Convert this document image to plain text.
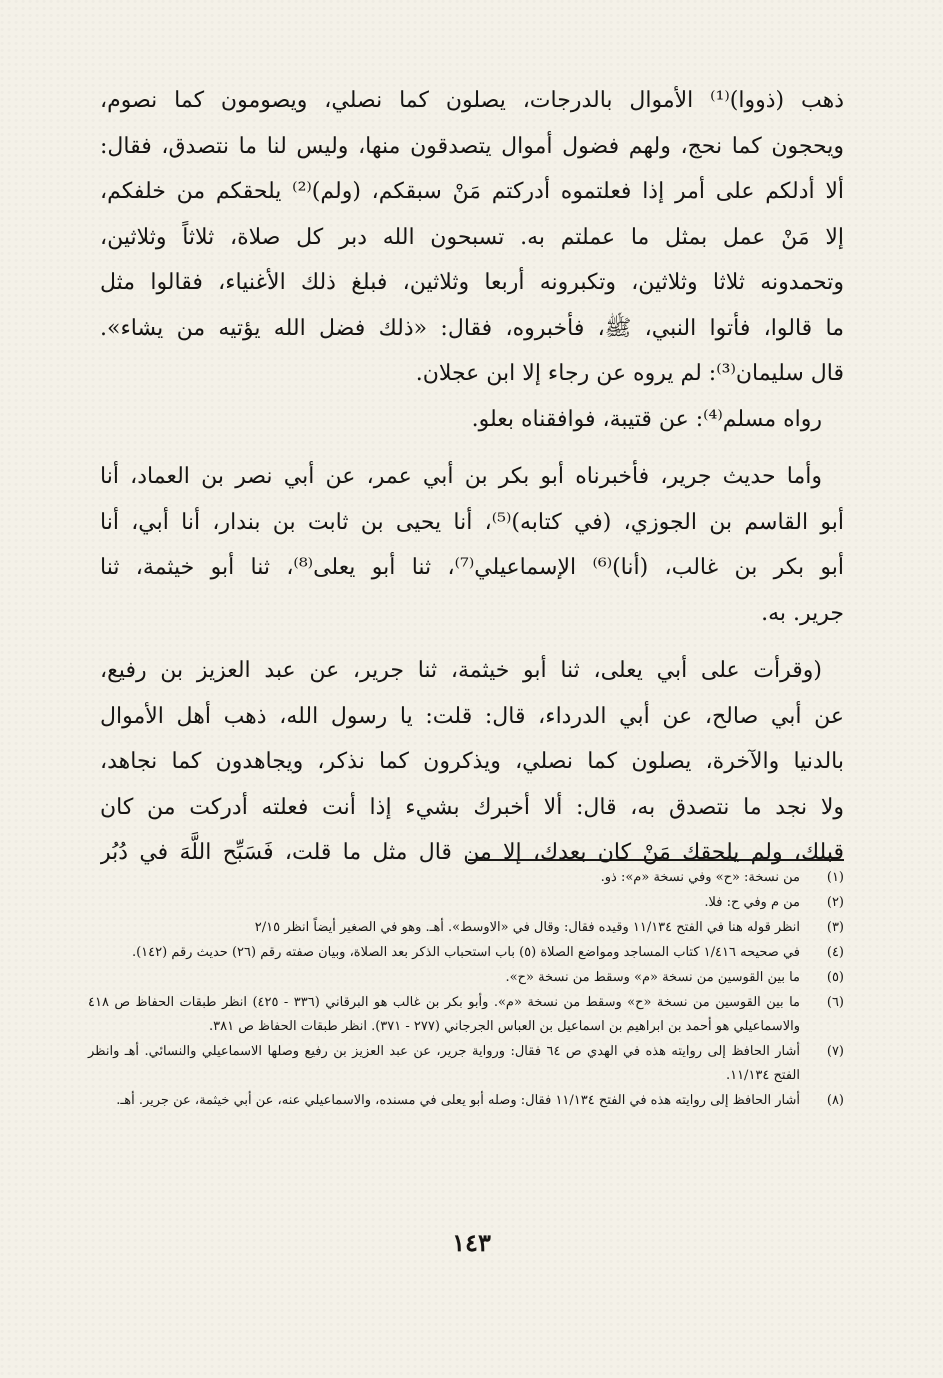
ذهب (ذووا)⁽¹⁾ الأموال بالدرجات، يصلون كما نصلي، ويصومون كما نصوم،
ويحجون كما نحج، ولهم فضول أموال يتصدقون منها، وليس لنا ما نتصدق، فقال:
ألا أدلكم على أمر إذا فعلتموه أدركتم مَنْ سبقكم، (ولم)⁽²⁾ يلحقكم من خلفكم،
إلا مَنْ عمل بمثل ما عملتم به. تسبحون الله دبر كل صلاة، ثلاثاً وثلاثين،
وتحمدونه ثلاثا وثلاثين، وتكبرونه أربعا وثلاثين، فبلغ ذلك الأغنياء، فقالوا مثل
ما قالوا، فأتوا النبي، ﷺ، فأخبروه، فقال: «ذلك فضل الله يؤتيه من يشاء».
قال سليمان⁽³⁾: لم يروه عن رجاء إلا ابن عجلان.
رواه مسلم⁽⁴⁾: عن قتيبة، فوافقناه بعلو.
وأما حديث جرير، فأخبرناه أبو بكر بن أبي عمر، عن أبي نصر بن العماد، أنا
أبو القاسم بن الجوزي، (في كتابه)⁽⁵⁾، أنا يحيى بن ثابت بن بندار، أنا أبي، أنا
أبو بكر بن غالب، (أنا)⁽⁶⁾ الإسماعيلي⁽⁷⁾، ثنا أبو يعلى⁽⁸⁾، ثنا أبو خيثمة، ثنا
جرير. به.
(وقرأت على أبي يعلى، ثنا أبو خيثمة، ثنا جرير، عن عبد العزيز بن رفيع،
عن أبي صالح، عن أبي الدرداء، قال: قلت: يا رسول الله، ذهب أهل الأموال
بالدنيا والآخرة، يصلون كما نصلي، ويذكرون كما نذكر، ويجاهدون كما نجاهد،
ولا نجد ما نتصدق به، قال: ألا أخبرك بشيء إذا أنت فعلته أدركت من كان
قبلك، ولم يلحقك مَنْ كان بعدك، إلا من قال مثل ما قلت، فَسَبِّح اللَّهَ في دُبُر
(١)
من نسخة: «ح» وفي نسخة «م»: ذو.
(٢)
من م وفي ح: فلا.
(٣)
انظر قوله هنا في الفتح ١١/١٣٤ وقيده فقال: وقال في «الاوسط». أهـ. وهو في الصغير أيضاً انظر ٢/١٥
(٤)
في صحيحه ١/٤١٦ كتاب المساجد ومواضع الصلاة (٥) باب استحباب الذكر بعد الصلاة، وبيان صفته رقم (٢٦) حديث رقم (١٤٢).
(٥)
ما بين القوسين من نسخة «م» وسقط من نسخة «ح».
(٦)
ما بين القوسين من نسخة «ح» وسقط من نسخة «م». وأبو بكر بن غالب هو البرقاني (٣٣٦ - ٤٢٥) انظر طبقات الحفاظ ص ٤١٨ والاسماعيلي هو أحمد بن ابراهيم بن اسماعيل بن العباس الجرجاني (٢٧٧ - ٣٧١). انظر طبقات الحفاظ ص ٣٨١.
(٧)
أشار الحافظ إلى روايته هذه في الهدي ص ٦٤ فقال: ورواية جرير، عن عبد العزيز بن رفيع وصلها الاسماعيلي والنسائي. أهـ وانظر الفتح ١١/١٣٤.
(٨)
أشار الحافظ إلى روايته هذه في الفتح ١١/١٣٤ فقال: وصله أبو يعلى في مسنده، والاسماعيلي عنه، عن أبي خيثمة، عن جرير. أهـ.
١٤٣
